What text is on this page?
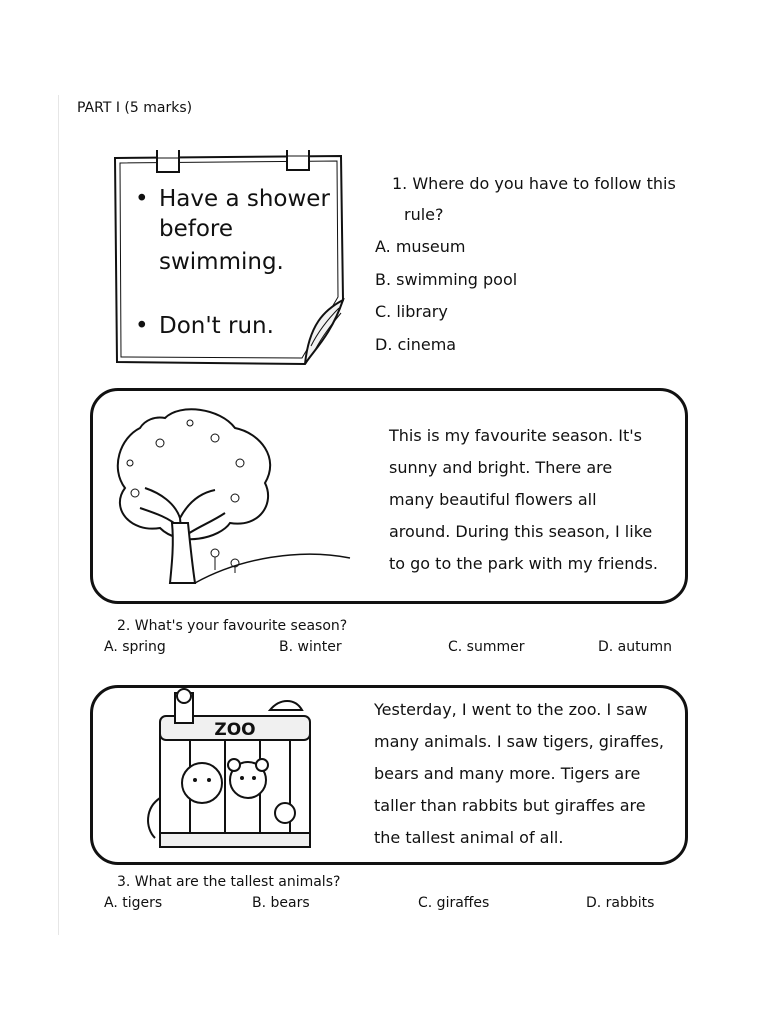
PART I (5 marks)
• Have a shower
before
swimming.
• Don't run.
1. Where do you have to follow this
rule?
A. museum
B. swimming pool
C. library
D. cinema
This is my favourite season. It's
sunny and bright. There are
many beautiful flowers all
around. During this season, I like
to go to the park with my friends.
2. What's your favourite season?
A. spring	B. winter	C. summer	D. autumn
ZOO
Yesterday, I went to the zoo. I saw
many animals. I saw tigers, giraffes,
bears and many more. Tigers are
taller than rabbits but giraffes are
the tallest animal of all.
3. What are the tallest animals?
A. tigers	B. bears	C. giraffes	D. rabbits
